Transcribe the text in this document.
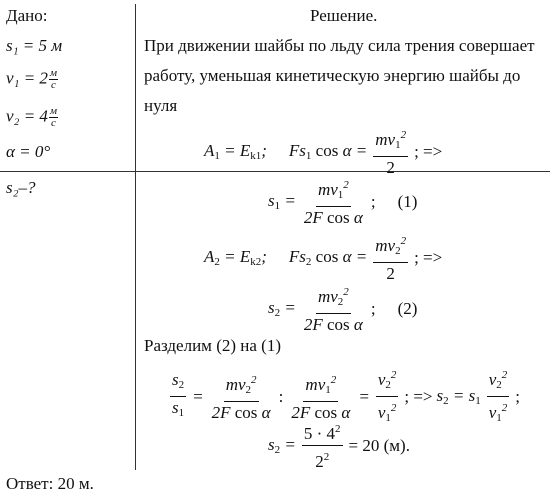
Дано:
s₁ = 5 м
$v_1 = 2 \frac{м}{с}$
$v_2 = 4 \frac{м}{с}$
α = 0°
s₂–?
Решение.
При движении шайбы по льду сила трения совершает
работу, уменьшая кинетическую энергию шайбы до
нуля
$A_1 = E_{k1}$; $Fs_1$ $\cos \alpha = \frac{mv_1^2}{2}$ ; =>
$s_1 = \frac{mv_1^2}{\text{2F cos α}}$ ; (1)
$A_2 = E_{k2}$; $Fs_2$ $\cos \alpha = \frac{mv_2^2}{2}$ ; =>
$s_2 = \frac{mv_2^2}{\text{2F cos α}}$ ; (2)
Разделим (2) на (1)
$\frac{s_2}{s_1} = \frac{mv_2^2}{\text{2F cos α}}$ : $\frac{mv_1^2}{\text{2F cos α}} = \frac{v_2^2}{v_1^2}$ ; => $s_2 = s_1 \frac{v_2^2}{v_1^2}$ ;
$s_2 = \frac{5 \cdot 4^2}{2^2} = 20$ (м).
Ответ: 20 м.
